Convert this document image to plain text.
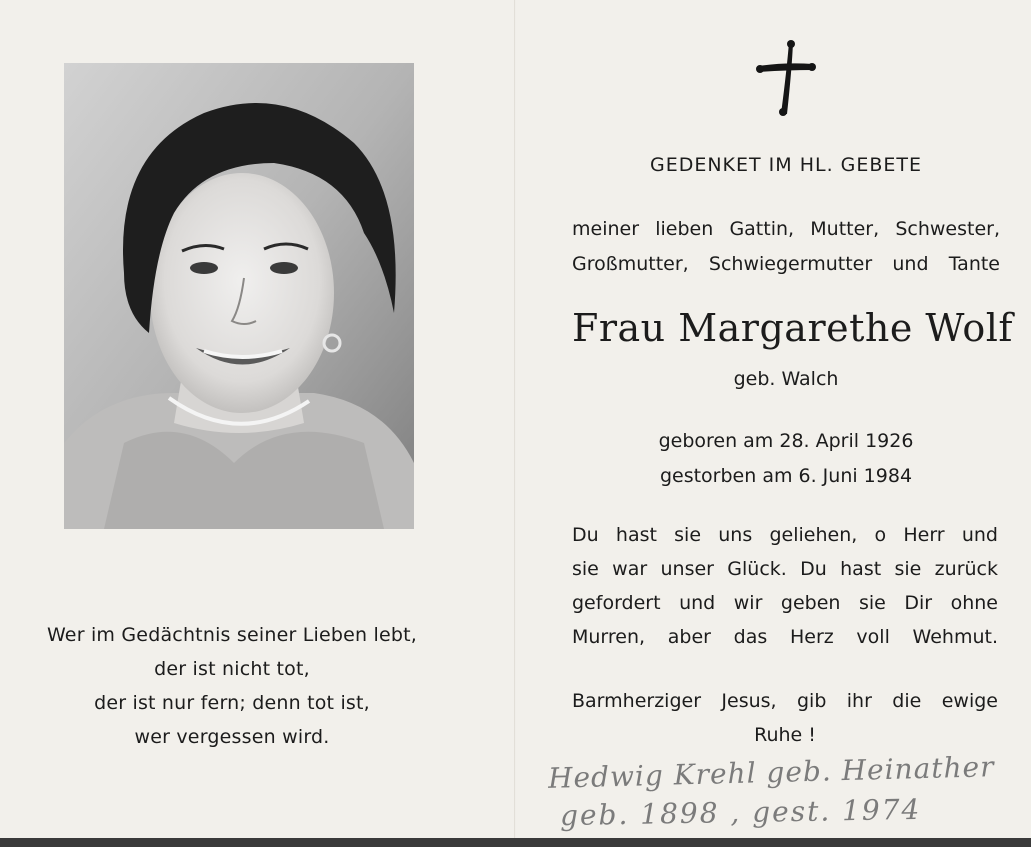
Wer im Gedächtnis seiner Lieben lebt,
der ist nicht tot,
der ist nur fern; denn tot ist,
wer vergessen wird.
GEDENKET IM HL. GEBETE
meiner lieben Gattin, Mutter, Schwester,
Großmutter, Schwiegermutter und Tante
Frau Margarethe Wolf
geb. Walch
geboren am 28. April 1926
gestorben am 6. Juni 1984
Du hast sie uns geliehen, o Herr und
sie war unser Glück. Du hast sie zurück
gefordert und wir geben sie Dir ohne
Murren, aber das Herz voll Wehmut.
Barmherziger Jesus, gib ihr die ewige
Ruhe !
Hedwig Krehl geb. Heinather
geb. 1898 , gest. 1974
